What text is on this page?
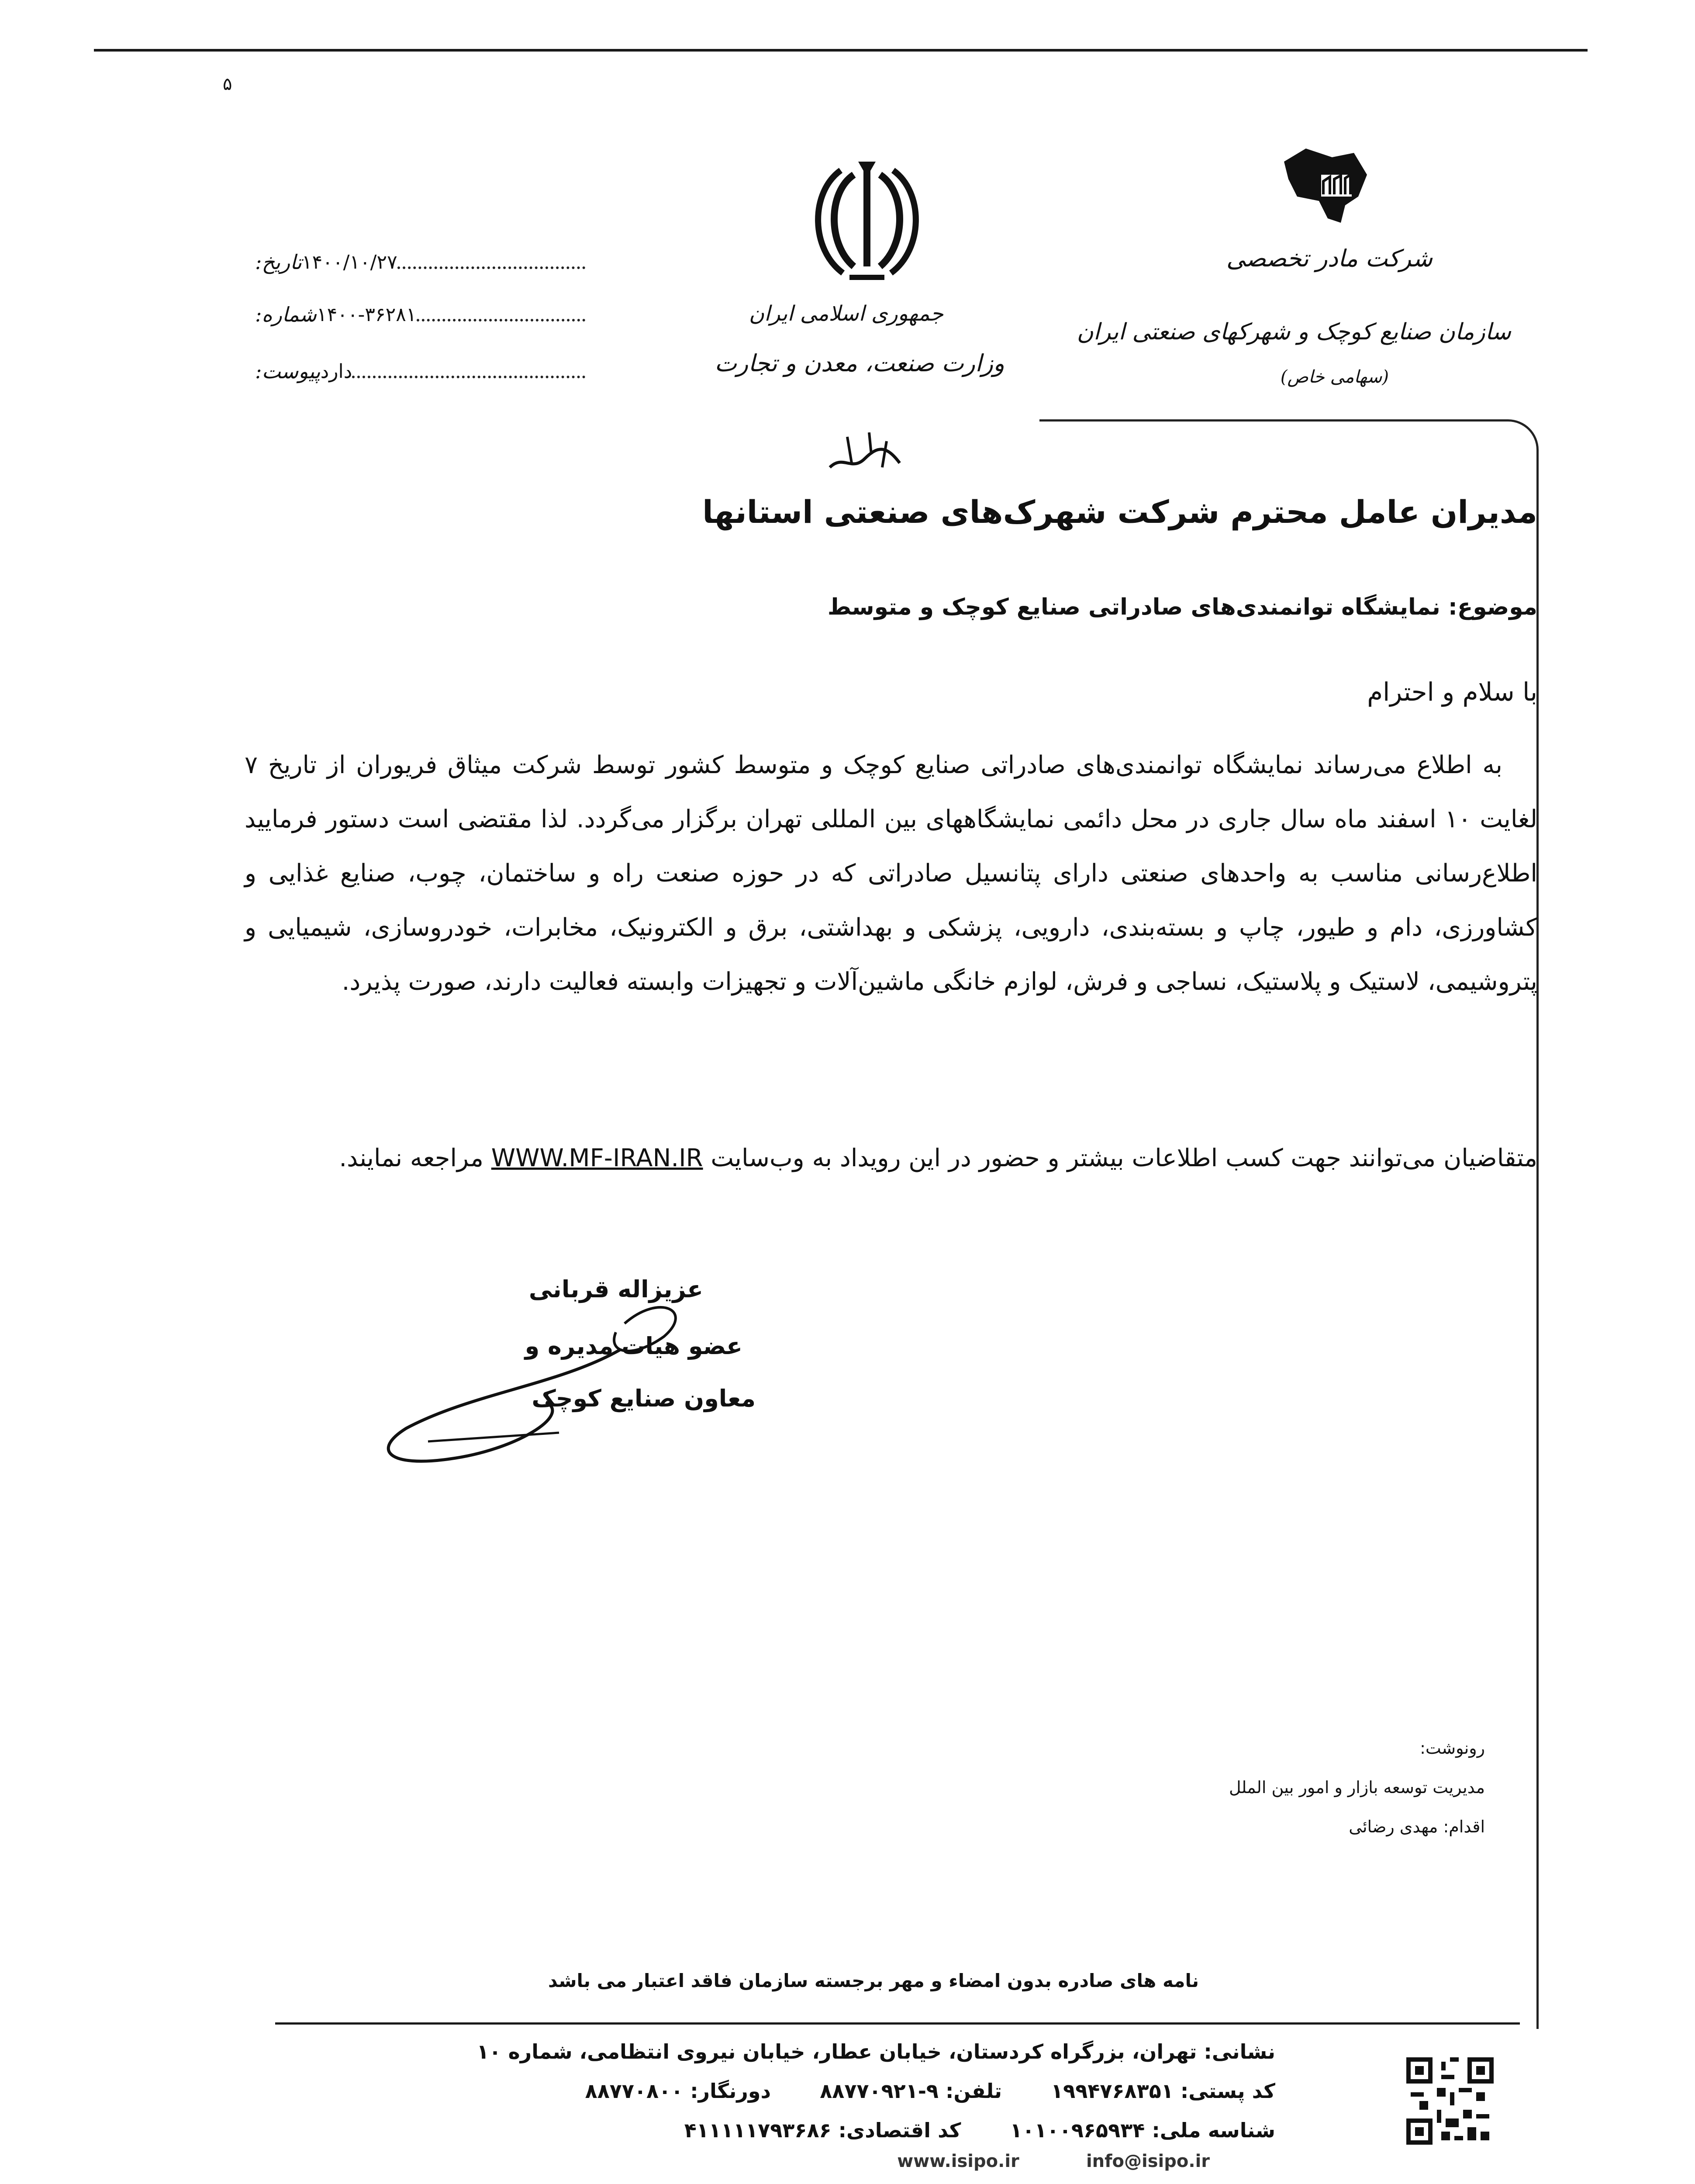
۵
شرکت مادر تخصصی
سازمان صنایع کوچک و شهرکهای صنعتی ایران
(سهامی خاص)
جمهوری اسلامی ایران
وزارت صنعت، معدن و تجارت
تاریخ: ۱۴۰۰/۱۰/۲۷
شماره: ۱۴۰۰-۳۶۲۸۱
پیوست: دارد
مدیران عامل محترم شرکت شهرک‌های صنعتی استانها
موضوع: نمایشگاه توانمندی‌های صادراتی صنایع کوچک و متوسط
با سلام و احترام
به اطلاع می‌رساند نمایشگاه توانمندی‌های صادراتی صنایع کوچک و متوسط کشور توسط شرکت میثاق فریوران از تاریخ ۷ لغایت ۱۰ اسفند ماه سال جاری در محل دائمی نمایشگاههای بین المللی تهران برگزار می‌گردد. لذا مقتضی است دستور فرمایید اطلاع‌رسانی مناسب به واحدهای صنعتی دارای پتانسیل صادراتی که در حوزه صنعت راه و ساختمان، چوب، صنایع غذایی و کشاورزی، دام و طیور، چاپ و بسته‌بندی، دارویی، پزشکی و بهداشتی، برق و الکترونیک، مخابرات، خودروسازی، شیمیایی و پتروشیمی، لاستیک و پلاستیک، نساجی و فرش، لوازم خانگی ماشین‌آلات و تجهیزات وابسته فعالیت دارند، صورت پذیرد.
متقاضیان می‌توانند جهت کسب اطلاعات بیشتر و حضور در این رویداد به وب‌سایت WWW.MF-IRAN.IR مراجعه نمایند.
عزیزاله قربانی
عضو هیات مدیره و
معاون صنایع کوچک
رونوشت:
مدیریت توسعه بازار و امور بین الملل
اقدام: مهدی رضائی
نامه های صادره بدون امضاء و مهر برجسته سازمان فاقد اعتبار می باشد
نشانی: تهران، بزرگراه کردستان، خیابان عطار، خیابان نیروی انتظامی، شماره ۱۰
کد پستی: ۱۹۹۴۷۶۸۳۵۱       تلفن: ۹-۸۸۷۷۰۹۲۱       دورنگار: ۸۸۷۷۰۸۰۰
شناسه ملی: ۱۰۱۰۰۹۶۵۹۳۴       کد اقتصادی: ۴۱۱۱۱۱۷۹۳۶۸۶
www.isipo.ir	info@isipo.ir
